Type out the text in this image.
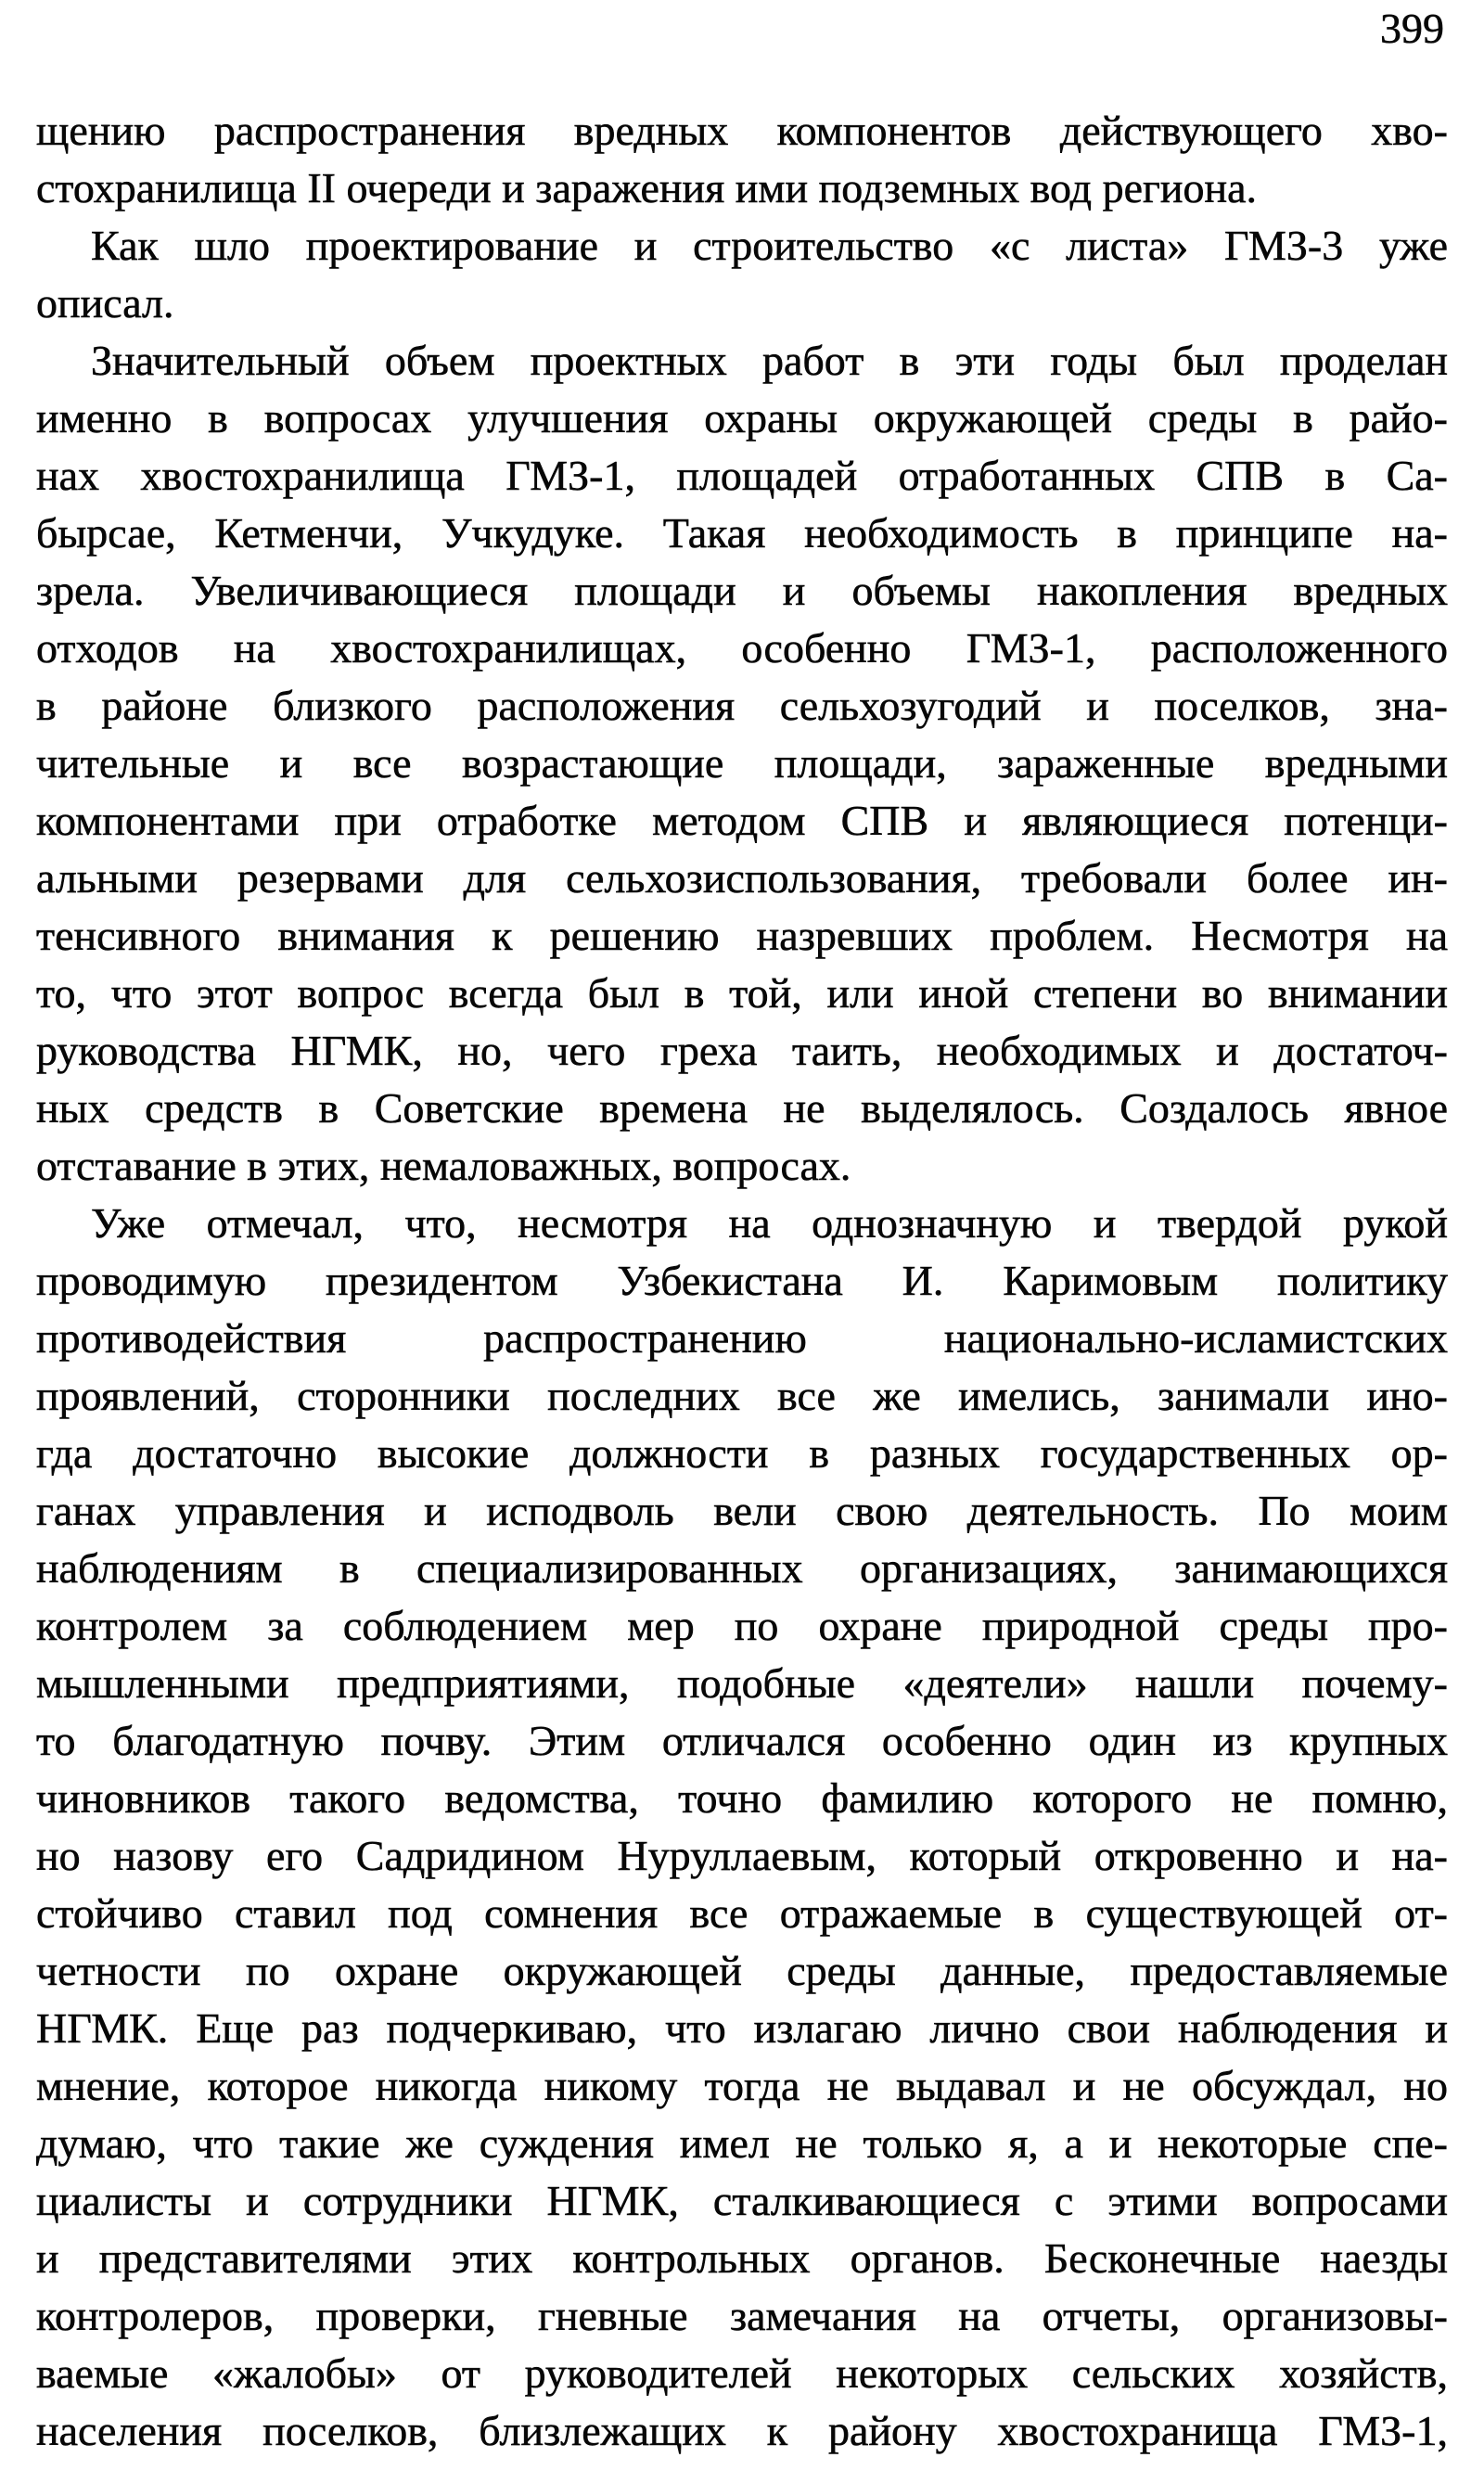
399
щению распространения вредных компонентов действующего хво-
стохранилища II очереди и заражения ими подземных вод региона.
Как шло проектирование и строительство «с листа» ГМЗ-3 уже
описал.
Значительный объем проектных работ в эти годы был проделан
именно в вопросах улучшения охраны окружающей среды в райо-
нах хвостохранилища ГМЗ-1, площадей отработанных СПВ в Са-
бырсае, Кетменчи, Учкудуке. Такая необходимость в принципе на-
зрела. Увеличивающиеся площади и объемы накопления вредных
отходов на хвостохранилищах, особенно ГМЗ-1, расположенного
в районе близкого расположения сельхозугодий и поселков, зна-
чительные и все возрастающие площади, зараженные вредными
компонентами при отработке методом СПВ и являющиеся потенци-
альными резервами для сельхозиспользования, требовали более ин-
тенсивного внимания к решению назревших проблем. Несмотря на
то, что этот вопрос всегда был в той, или иной степени во внимании
руководства НГМК, но, чего греха таить, необходимых и достаточ-
ных средств в Советские времена не выделялось. Создалось явное
отставание в этих, немаловажных, вопросах.
Уже отмечал, что, несмотря на однозначную и твердой рукой
проводимую президентом Узбекистана И. Каримовым политику
противодействия распространению национально-исламистских
проявлений, сторонники последних все же имелись, занимали ино-
гда достаточно высокие должности в разных государственных ор-
ганах управления и исподволь вели свою деятельность. По моим
наблюдениям в специализированных организациях, занимающихся
контролем за соблюдением мер по охране природной среды про-
мышленными предприятиями, подобные «деятели» нашли почему-
то благодатную почву. Этим отличался особенно один из крупных
чиновников такого ведомства, точно фамилию которого не помню,
но назову его Садридином Нуруллаевым, который откровенно и на-
стойчиво ставил под сомнения все отражаемые в существующей от-
четности по охране окружающей среды данные, предоставляемые
НГМК. Еще раз подчеркиваю, что излагаю лично свои наблюдения и
мнение, которое никогда никому тогда не выдавал и не обсуждал, но
думаю, что такие же суждения имел не только я, а и некоторые спе-
циалисты и сотрудники НГМК, сталкивающиеся с этими вопросами
и представителями этих контрольных органов. Бесконечные наезды
контролеров, проверки, гневные замечания на отчеты, организовы-
ваемые «жалобы» от руководителей некоторых сельских хозяйств,
населения поселков, близлежащих к району хвостохранища ГМЗ-1,
